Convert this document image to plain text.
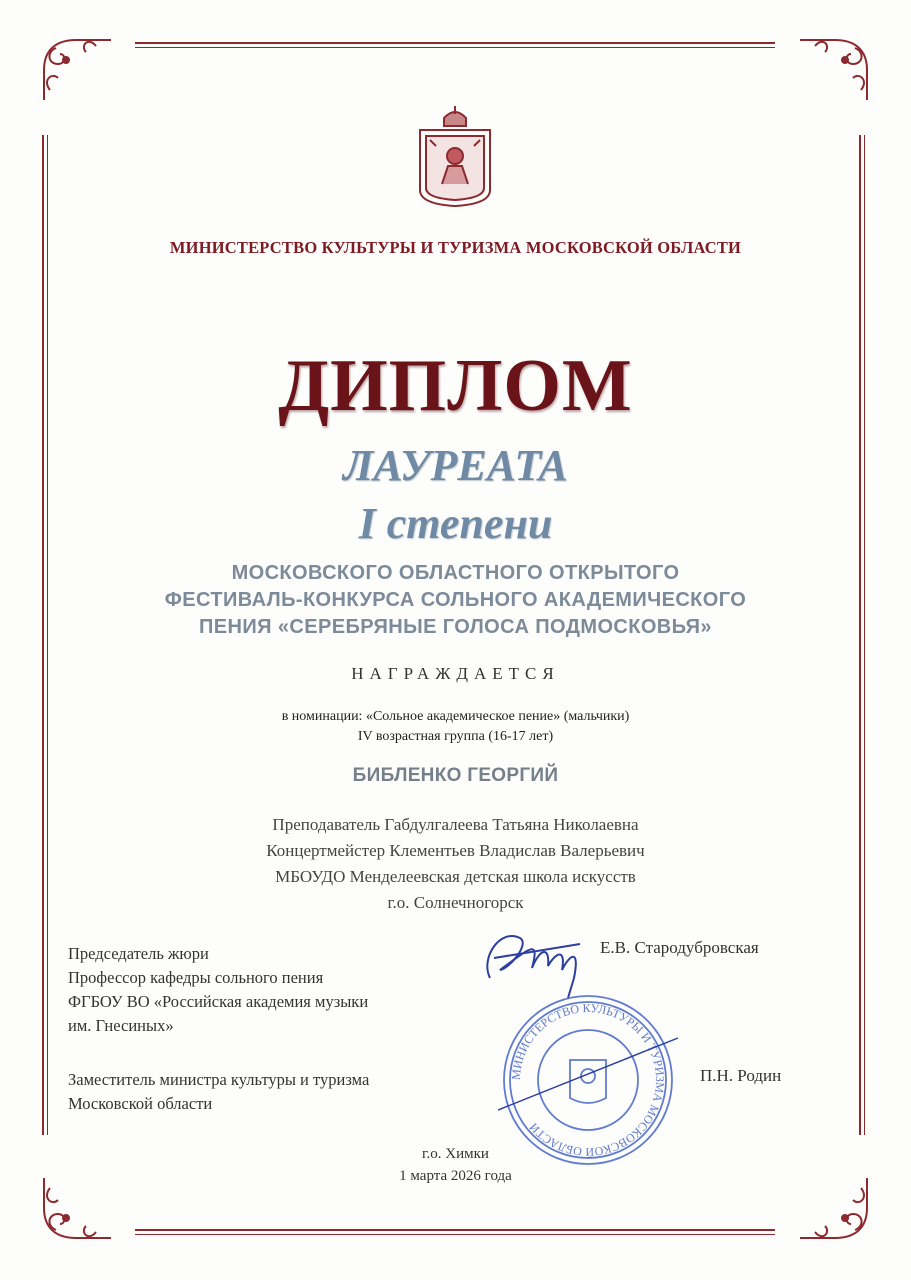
МИНИСТЕРСТВО КУЛЬТУРЫ И ТУРИЗМА МОСКОВСКОЙ ОБЛАСТИ
ДИПЛОМ
ЛАУРЕАТА
I степени
МОСКОВСКОГО ОБЛАСТНОГО ОТКРЫТОГО
ФЕСТИВАЛЬ-КОНКУРСА СОЛЬНОГО АКАДЕМИЧЕСКОГО
ПЕНИЯ «СЕРЕБРЯНЫЕ ГОЛОСА ПОДМОСКОВЬЯ»
НАГРАЖДАЕТСЯ
в номинации: «Сольное академическое пение» (мальчики)
IV возрастная группа (16-17 лет)
БИБЛЕНКО ГЕОРГИЙ
Преподаватель Габдулгалеева Татьяна Николаевна
Концертмейстер Клементьев Владислав Валерьевич
МБОУДО Менделеевская детская школа искусств
г.о. Солнечногорск
Председатель жюри
Профессор кафедры сольного пения
ФГБОУ ВО «Российская академия музыки
им. Гнесиных»
Е.В. Стародубровская
МИНИСТЕРСТВО КУЛЬТУРЫ И ТУРИЗМА МОСКОВСКОЙ ОБЛАСТИ
Заместитель министра культуры и туризма
Московской области
П.Н. Родин
г.о. Химки
1 марта 2026 года
